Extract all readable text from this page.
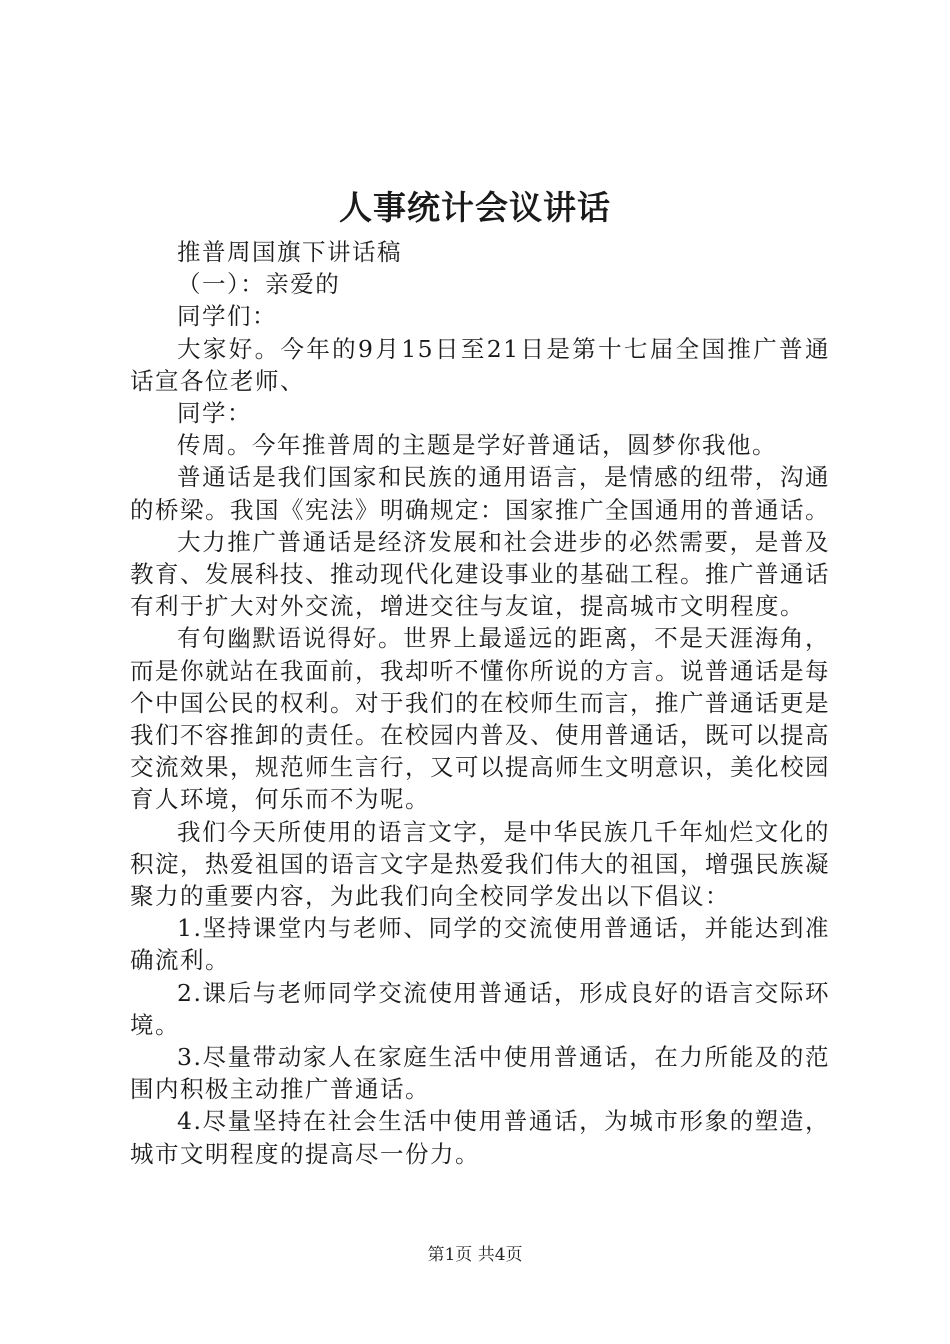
人事统计会议讲话

推普周国旗下讲话稿

（一）：亲爱的

同学们：

大家好。今年的9月15日至21日是第十七届全国推广普通话宣各位老师、

同学：

传周。今年推普周的主题是学好普通话，圆梦你我他。

普通话是我们国家和民族的通用语言，是情感的纽带，沟通的桥梁。我国《宪法》明确规定：国家推广全国通用的普通话。

大力推广普通话是经济发展和社会进步的必然需要，是普及教育、发展科技、推动现代化建设事业的基础工程。推广普通话有利于扩大对外交流，增进交往与友谊，提高城市文明程度。

有句幽默语说得好。世界上最遥远的距离，不是天涯海角，而是你就站在我面前，我却听不懂你所说的方言。说普通话是每个中国公民的权利。对于我们的在校师生而言，推广普通话更是我们不容推卸的责任。在校园内普及、使用普通话，既可以提高交流效果，规范师生言行，又可以提高师生文明意识，美化校园育人环境，何乐而不为呢。

我们今天所使用的语言文字，是中华民族几千年灿烂文化的积淀，热爱祖国的语言文字是热爱我们伟大的祖国，增强民族凝聚力的重要内容，为此我们向全校同学发出以下倡议：

1.坚持课堂内与老师、同学的交流使用普通话，并能达到准确流利。

2.课后与老师同学交流使用普通话，形成良好的语言交际环境。

3.尽量带动家人在家庭生活中使用普通话，在力所能及的范围内积极主动推广普通话。

4.尽量坚持在社会生活中使用普通话，为城市形象的塑造，城市文明程度的提高尽一份力。

第1页 共4页
